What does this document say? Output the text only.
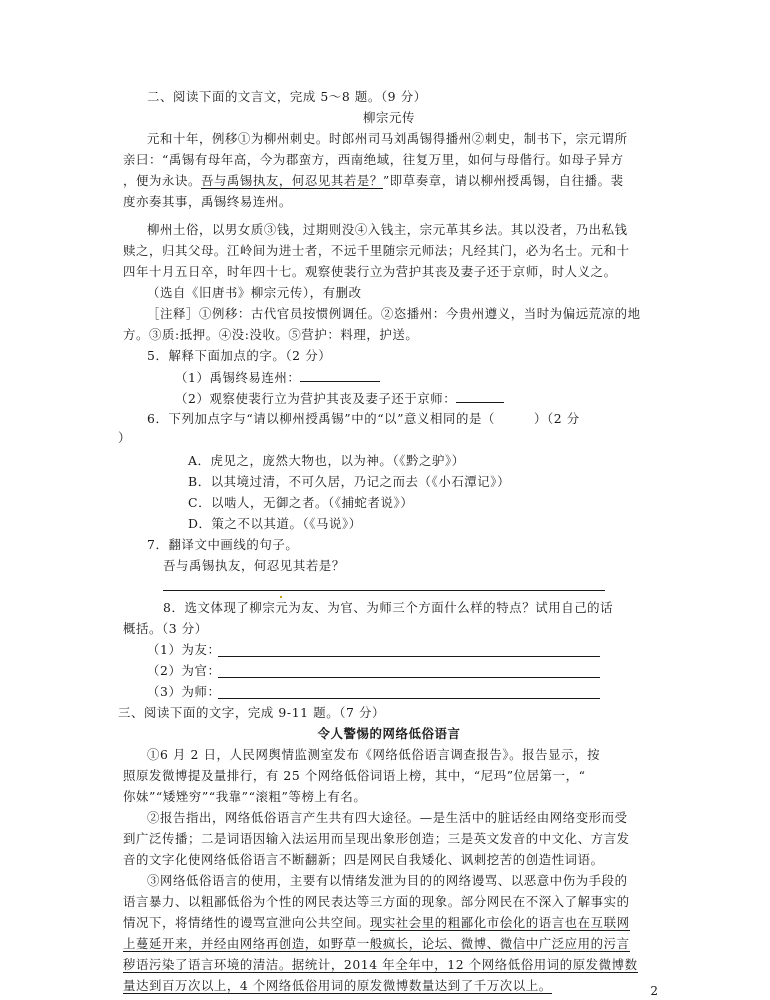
二、阅读下面的文言文，完成 5～8 题。（9 分）
柳宗元传
元和十年，例移①为柳州刺史。时郎州司马刘禹锡得播州②刺史，制书下，宗元谓所
亲曰：“禹锡有母年高，今为郡蛮方，西南绝域，往复万里，如何与母偕行。如母子异方
，便为永诀。吾与禹锡执友，何忍见其若是？”即草奏章，请以柳州授禹锡，自往播。裴
度亦奏其事，禹锡终易连州。
柳州土俗，以男女质③钱，过期则没④入钱主，宗元革其乡法。其以没者，乃出私钱
赎之，归其父母。江岭间为进士者，不远千里随宗元师法；凡经其门，必为名士。元和十
四年十月五日卒，时年四十七。观察使裴行立为营护其丧及妻子还于京师，时人义之。
（选自《旧唐书》柳宗元传），有删改
［注释］①例移：古代官员按惯例调任。②恣播州：今贵州遵义，当时为偏远荒凉的地
方。③质:抵押。④没:没收。⑤营护：料理，护送。
5．解释下面加点的字。（2 分）
（1）禹锡终易连州：
（2）观察使裴行立为营护其丧及妻子还于京师：
6．下列加点字与“请以柳州授禹锡”中的“以”意义相同的是（　　　）（2 分
）
A．虎见之，庞然大物也，以为神。（《黔之驴》）
B．以其境过清，不可久居，乃记之而去（《小石潭记》）
C．以啮人，无御之者。（《捕蛇者说》）
D．策之不以其道。（《马说》）
7．翻译文中画线的句子。
吾与禹锡执友，何忍见其若是？
8．选文体现了柳宗元为友、为官、为师三个方面什么样的特点？试用自己的话
概括。（3 分）
（1）为友：
（2）为官：
（3）为师：
三、阅读下面的文字，完成 9-11 题。（7 分）
令人警惕的网络低俗语言
①6 月 2 日，人民网舆情监测室发布《网络低俗语言调查报告》。报告显示，按
照原发微博提及量排行，有 25 个网络低俗词语上榜，其中，“尼玛”位居第一，“
你妹”“矮矬穷”“我靠”“滚粗”等榜上有名。
②报告指出，网络低俗语言产生共有四大途径。—是生活中的脏话经由网络变形而受
到广泛传播；二是词语因输入法运用而呈现出象形创造；三是英文发音的中文化、方言发
音的文字化使网络低俗语言不断翻新；四是网民自我矮化、讽刺挖苦的创造性词语。
③网络低俗语言的使用，主要有以情绪发泄为目的的网络谩骂、以恶意中伤为手段的
语言暴力、以粗鄙低俗为个性的网民表达等三方面的现象。部分网民在不深入了解事实的
情况下，将情绪性的谩骂宣泄向公共空间。现实社会里的粗鄙化市侩化的语言也在互联网
上蔓延开来，并经由网络再创造，如野草一般疯长，论坛、微博、微信中广泛应用的污言
秽语污染了语言环境的清洁。据统计，2014 年全年中，12 个网络低俗用词的原发微博数
量达到百万次以上，4 个网络低俗用词的原发微博数量达到了千万次以上。	2
